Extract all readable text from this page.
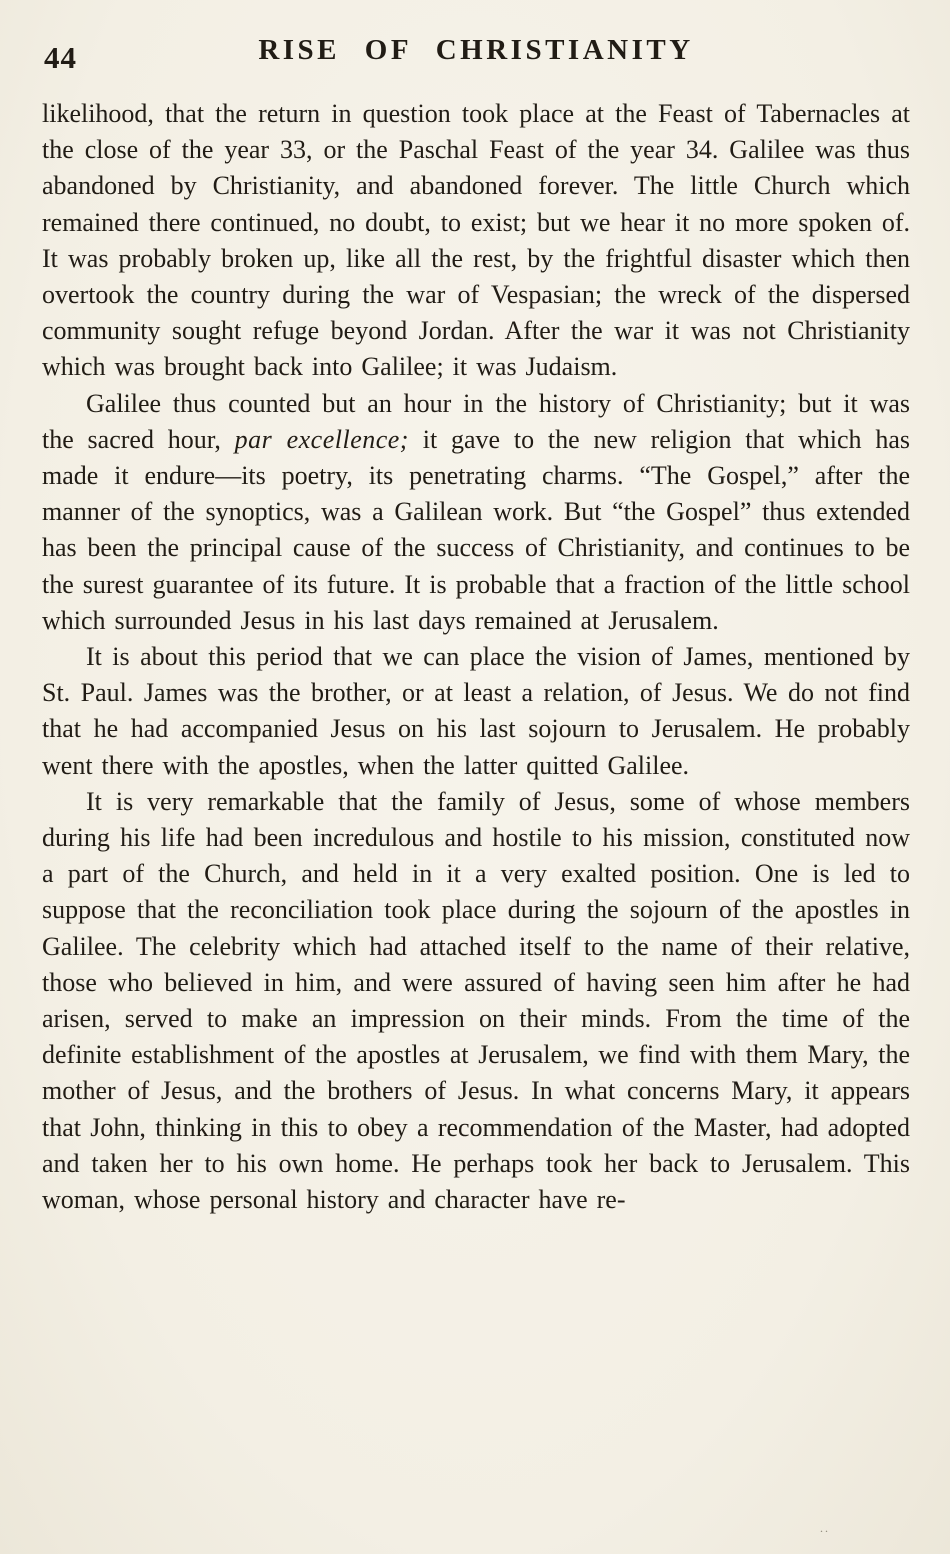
44	RISE OF CHRISTIANITY

likelihood, that the return in question took place at the Feast of Tabernacles at the close of the year 33, or the Paschal Feast of the year 34. Galilee was thus abandoned by Christianity, and abandoned forever. The little Church which remained there continued, no doubt, to exist; but we hear it no more spoken of. It was probably broken up, like all the rest, by the frightful disaster which then overtook the country during the war of Vespasian; the wreck of the dispersed community sought refuge beyond Jordan. After the war it was not Christianity which was brought back into Galilee; it was Judaism.

Galilee thus counted but an hour in the history of Christianity; but it was the sacred hour, par excellence; it gave to the new religion that which has made it endure—its poetry, its penetrating charms. “The Gospel,” after the manner of the synoptics, was a Galilean work. But “the Gospel” thus extended has been the principal cause of the success of Christianity, and continues to be the surest guarantee of its future. It is probable that a fraction of the little school which surrounded Jesus in his last days remained at Jerusalem.

It is about this period that we can place the vision of James, mentioned by St. Paul. James was the brother, or at least a relation, of Jesus. We do not find that he had accompanied Jesus on his last sojourn to Jerusalem. He probably went there with the apostles, when the latter quitted Galilee.

It is very remarkable that the family of Jesus, some of whose members during his life had been incredulous and hostile to his mission, constituted now a part of the Church, and held in it a very exalted position. One is led to suppose that the reconciliation took place during the sojourn of the apostles in Galilee. The celebrity which had attached itself to the name of their relative, those who believed in him, and were assured of having seen him after he had arisen, served to make an impression on their minds. From the time of the definite establishment of the apostles at Jerusalem, we find with them Mary, the mother of Jesus, and the brothers of Jesus. In what concerns Mary, it appears that John, thinking in this to obey a recommendation of the Master, had adopted and taken her to his own home. He perhaps took her back to Jerusalem. This woman, whose personal history and character have re-

..
